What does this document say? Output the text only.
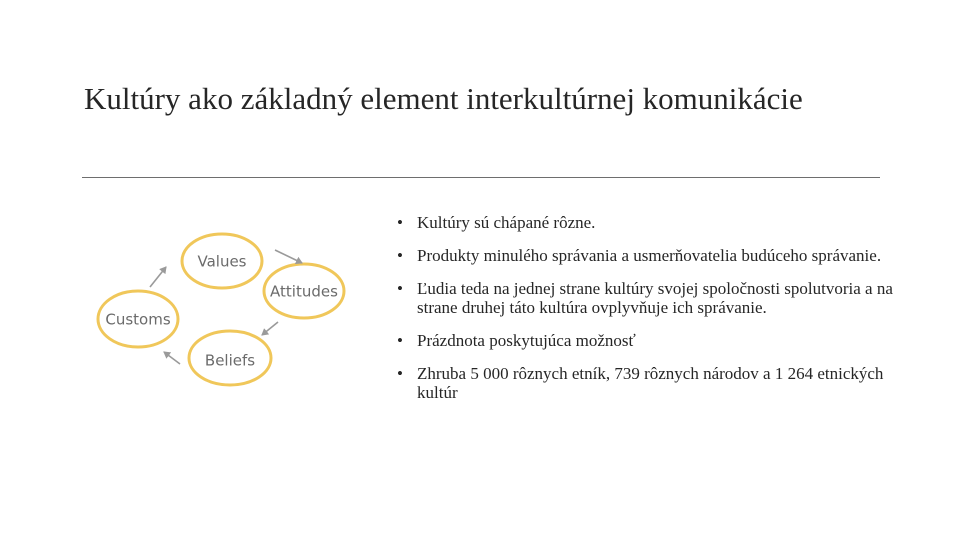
Kultúry ako základný element interkultúrnej komunikácie
Values
Attitudes
Beliefs
Customs
• Kultúry sú chápané rôzne.
• Produkty minulého správania a usmerňovatelia budúceho správanie.
• Ľudia teda na jednej strane kultúry svojej spoločnosti spolutvoria a na strane druhej táto kultúra ovplyvňuje ich správanie.
• Prázdnota poskytujúca možnosť
• Zhruba 5 000 rôznych etník, 739 rôznych národov a 1 264 etnických kultúr
